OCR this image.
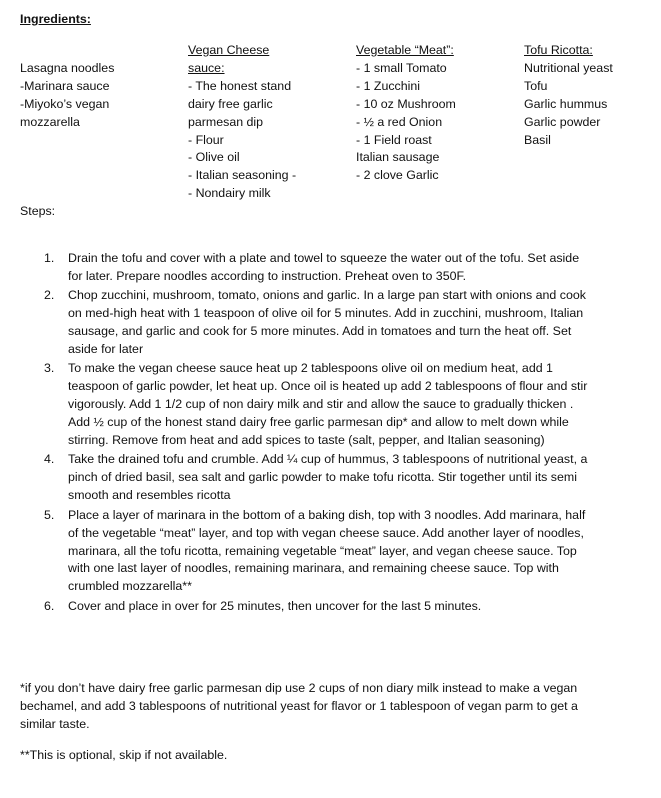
Ingredients:
Lasagna noodles
-Marinara sauce
-Miyoko’s vegan
mozzarella
Vegan Cheese
sauce:
- The honest stand
dairy free garlic
parmesan dip
- Flour
- Olive oil
- Italian seasoning -
- Nondairy milk
Vegetable “Meat”:
- 1 small Tomato
- 1 Zucchini
- 10 oz Mushroom
- ½ a red Onion
- 1 Field roast
Italian sausage
- 2 clove Garlic
Tofu Ricotta:
Nutritional yeast
Tofu
Garlic hummus
Garlic powder
Basil
Steps:
1. Drain the tofu and cover with a plate and towel to squeeze the water out of the tofu. Set aside
for later. Prepare noodles according to instruction. Preheat oven to 350F.
2. Chop zucchini, mushroom, tomato, onions and garlic. In a large pan start with onions and cook
on med-high heat with 1 teaspoon of olive oil for 5 minutes. Add in zucchini, mushroom, Italian
sausage, and garlic and cook for 5 more minutes. Add in tomatoes and turn the heat off. Set
aside for later
3. To make the vegan cheese sauce heat up 2 tablespoons olive oil on medium heat, add 1
teaspoon of garlic powder, let heat up. Once oil is heated up add 2 tablespoons of flour and stir
vigorously. Add 1 1/2 cup of non dairy milk and stir and allow the sauce to gradually thicken .
Add ½ cup of the honest stand dairy free garlic parmesan dip* and allow to melt down while
stirring. Remove from heat and add spices to taste (salt, pepper, and Italian seasoning)
4. Take the drained tofu and crumble. Add ¼ cup of hummus, 3 tablespoons of nutritional yeast, a
pinch of dried basil, sea salt and garlic powder to make tofu ricotta. Stir together until its semi
smooth and resembles ricotta
5. Place a layer of marinara in the bottom of a baking dish, top with 3 noodles. Add marinara, half
of the vegetable “meat” layer, and top with vegan cheese sauce. Add another layer of noodles,
marinara, all the tofu ricotta, remaining vegetable “meat” layer, and vegan cheese sauce. Top
with one last layer of noodles, remaining marinara, and remaining cheese sauce. Top with
crumbled mozzarella**
6. Cover and place in over for 25 minutes, then uncover for the last 5 minutes.
*if you don’t have dairy free garlic parmesan dip use 2 cups of non diary milk instead to make a vegan
bechamel, and add 3 tablespoons of nutritional yeast for flavor or 1 tablespoon of vegan parm to get a
similar taste.
**This is optional, skip if not available.
